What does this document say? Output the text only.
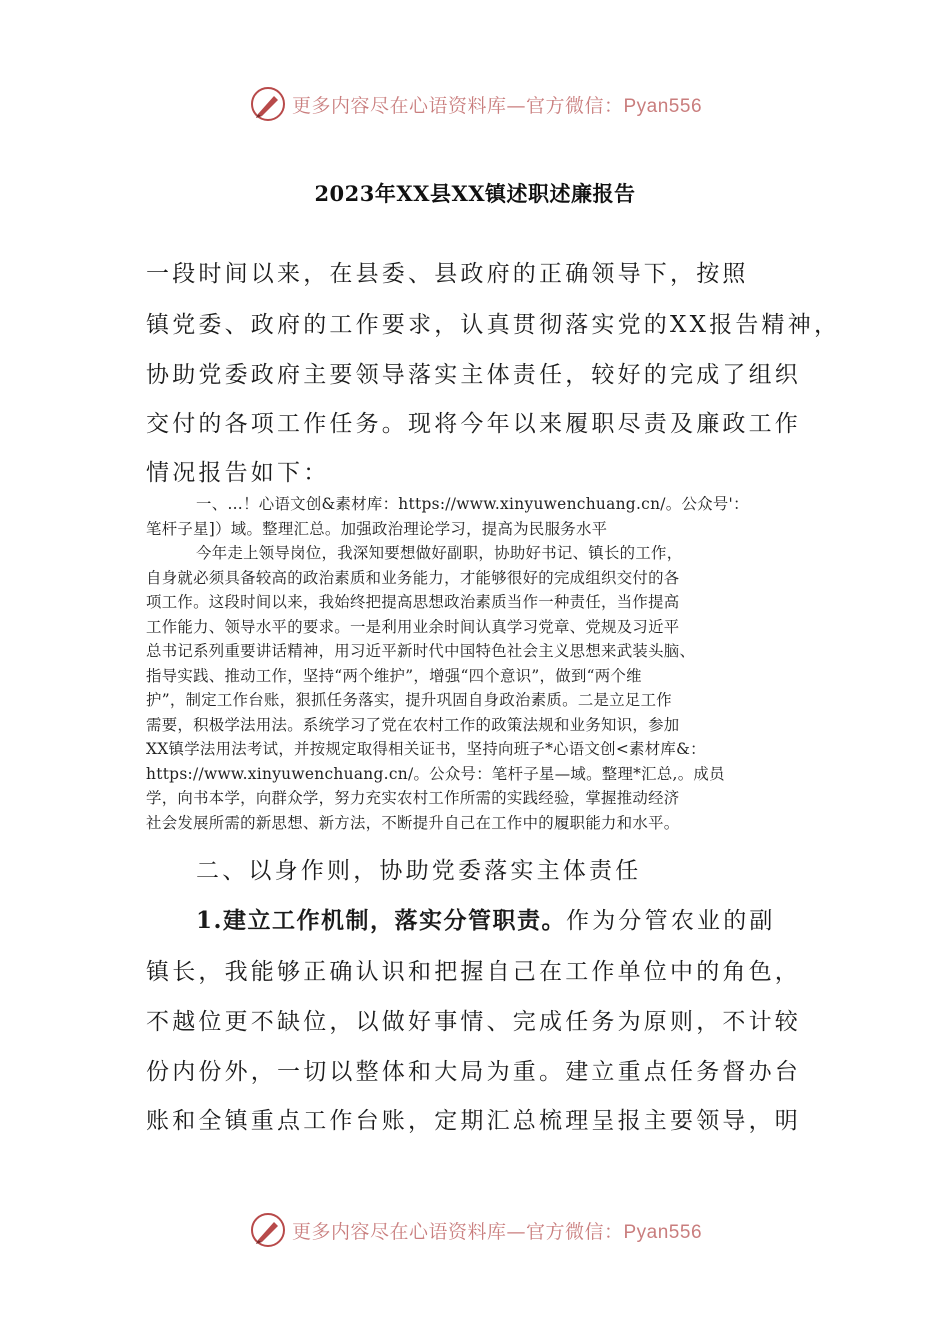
更多内容尽在心语资料库—官方微信：Pyan556
2023年XX县XX镇述职述廉报告
一段时间以来，在县委、县政府的正确领导下，按照
镇党委、政府的工作要求，认真贯彻落实党的XX报告精神，
协助党委政府主要领导落实主体责任，较好的完成了组织
交付的各项工作任务。现将今年以来履职尽责及廉政工作
情况报告如下：
一、…！心语文创&素材库：https://www.xinyuwenchuang.cn/。公众号'：
笔杆子星]）域。整理汇总。加强政治理论学习，提高为民服务水平
今年走上领导岗位，我深知要想做好副职，协助好书记、镇长的工作，
自身就必须具备较高的政治素质和业务能力，才能够很好的完成组织交付的各
项工作。这段时间以来，我始终把提高思想政治素质当作一种责任，当作提高
工作能力、领导水平的要求。一是利用业余时间认真学习党章、党规及习近平
总书记系列重要讲话精神，用习近平新时代中国特色社会主义思想来武装头脑、
指导实践、推动工作，坚持“两个维护”，增强“四个意识”，做到“两个维
护”，制定工作台账，狠抓任务落实，提升巩固自身政治素质。二是立足工作
需要，积极学法用法。系统学习了党在农村工作的政策法规和业务知识，参加
XX镇学法用法考试，并按规定取得相关证书，坚持向班子*心语文创<素材库&：
https://www.xinyuwenchuang.cn/。公众号：笔杆子星—域。整理*汇总,。成员
学，向书本学，向群众学，努力充实农村工作所需的实践经验，掌握推动经济
社会发展所需的新思想、新方法，不断提升自己在工作中的履职能力和水平。
二、以身作则，协助党委落实主体责任
1.建立工作机制，落实分管职责。作为分管农业的副
镇长，我能够正确认识和把握自己在工作单位中的角色，
不越位更不缺位，以做好事情、完成任务为原则，不计较
份内份外，一切以整体和大局为重。建立重点任务督办台
账和全镇重点工作台账，定期汇总梳理呈报主要领导，明
更多内容尽在心语资料库—官方微信：Pyan556
